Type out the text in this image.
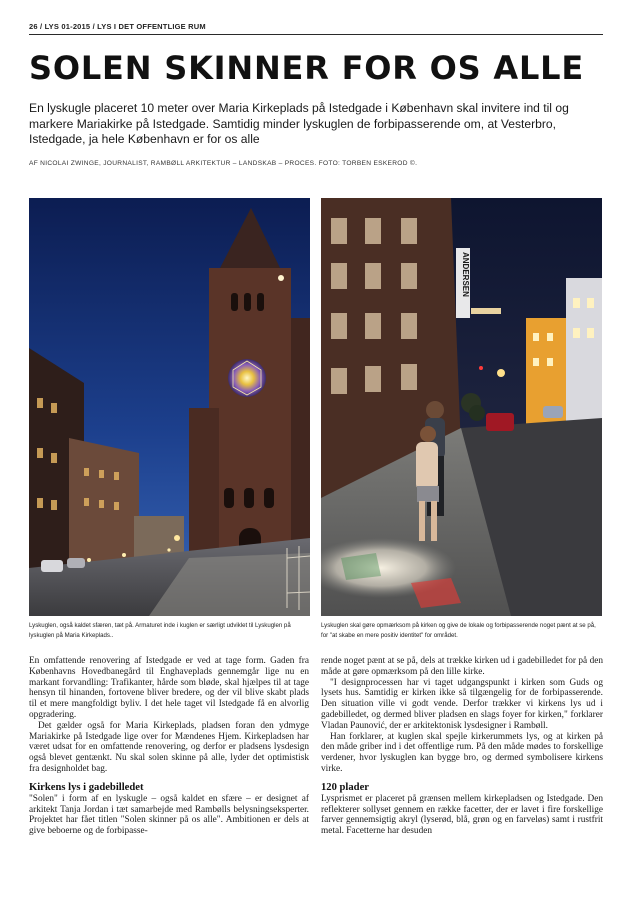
26 / LYS 01-2015 / LYS I DET OFFENTLIGE RUM
SOLEN SKINNER FOR OS ALLE

En lyskugle placeret 10 meter over Maria Kirkeplads på Istedgade i København skal invitere ind til og markere Mariakirke på Istedgade. Samtidig minder lyskuglen de forbipasserende om, at Vesterbro, Istedgade, ja hele København er for os alle

AF NICOLAI ZWINGE, JOURNALIST, RAMBØLL ARKITEKTUR – LANDSKAB – PROCES. FOTO: TORBEN ESKEROD ©.

Lyskuglen, også kaldet sfæren, tæt på. Armaturet inde i kuglen er særligt udviklet til Lyskuglen på lyskuglen på Maria Kirkeplads..

ANDERSEN

Lyskuglen skal gøre opmærksom på kirken og give de lokale og forbipasserende noget pænt at se på, for "at skabe en mere positiv identitet" for området.

En omfattende renovering af Istedgade er ved at tage form. Gaden fra Københavns Hovedbanegård til Enghaveplads gennemgår lige nu en markant forvandling: Trafikanter, hårde som bløde, skal hjælpes til at tage hensyn til hinanden, fortovene bliver bredere, og der vil blive skabt plads til et mere mangfoldigt byliv. I det hele taget vil Istedgade få en alvorlig opgradering.

Det gælder også for Maria Kirkeplads, pladsen foran den ydmyge Mariakirke på Istedgade lige over for Mændenes Hjem. Kirkepladsen har været udsat for en omfattende renovering, og derfor er pladsens lysdesign også blevet gentænkt. Nu skal solen skinne på alle, lyder det optimistisk fra designholdet bag.

Kirkens lys i gadebilledet

"Solen" i form af en lyskugle – også kaldet en sfære – er designet af arkitekt Tanja Jordan i tæt samarbejde med Rambølls belysningseksperter. Projektet har fået titlen "Solen skinner på os alle". Ambitionen er dels at give beboerne og de forbipasse-

rende noget pænt at se på, dels at trække kirken ud i gadebilledet for på den måde at gøre opmærksom på den lille kirke.

"I designprocessen har vi taget udgangspunkt i kirken som Guds og lysets hus. Samtidig er kirken ikke så tilgængelig for de forbipasserende. Den situation ville vi godt vende. Derfor trækker vi kirkens lys ud i gadebilledet, og dermed bliver pladsen en slags foyer for kirken," forklarer Vladan Paunović, der er arkitektonisk lysdesigner i Rambøll.

Han forklarer, at kuglen skal spejle kirkerummets lys, og at kirken på den måde griber ind i det offentlige rum. På den måde mødes to forskellige verdener, hvor lyskuglen kan bygge bro, og dermed symbolisere kirkens virke.

120 plader

Lysprismet er placeret på grænsen mellem kirkepladsen og Istedgade. Den reflekterer sollyset gennem en række facetter, der er lavet i fire forskellige farver gennemsigtig akryl (lyserød, blå, grøn og en farveløs) samt i rustfrit metal. Facetterne har desuden
